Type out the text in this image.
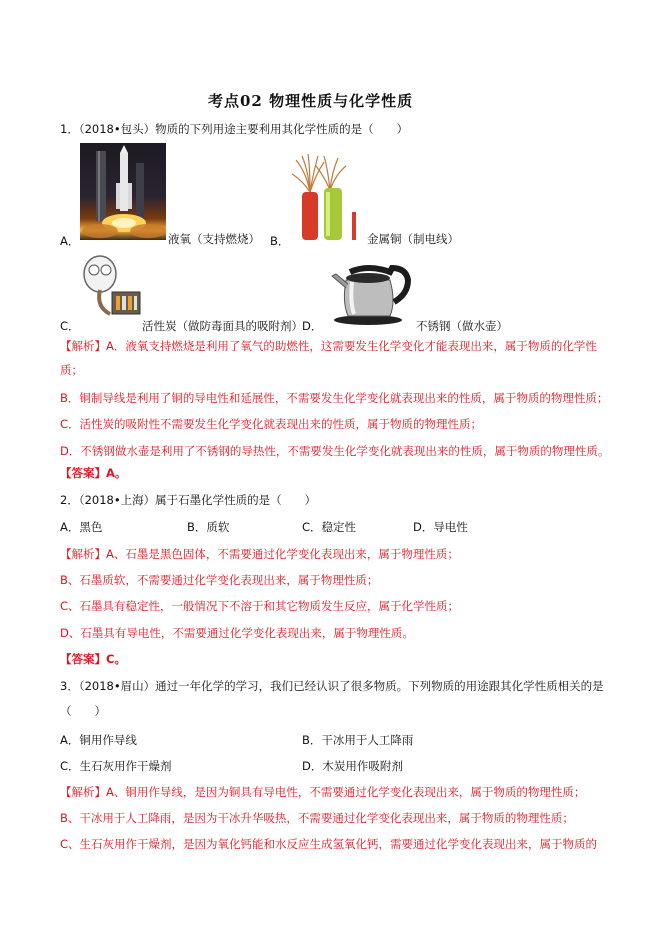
考点02 物理性质与化学性质
1．（2018•包头）物质的下列用途主要利用其化学性质的是（　　）
A．	液氧（支持燃烧） B．	金属铜（制电线）
C．	活性炭（做防毒面具的吸附剂） D．	不锈钢（做水壶）
【解析】A．液氧支持燃烧是利用了氧气的助燃性，这需要发生化学变化才能表现出来，属于物质的化学性
质；
B．铜制导线是利用了铜的导电性和延展性，不需要发生化学变化就表现出来的性质，属于物质的物理性质；
C．活性炭的吸附性不需要发生化学变化就表现出来的性质，属于物质的物理性质；
D．不锈钢做水壶是利用了不锈钢的导热性，不需要发生化学变化就表现出来的性质，属于物质的物理性质。
【答案】A。
2．（2018•上海）属于石墨化学性质的是（　　）
A．黑色	B．质软	C．稳定性	D．导电性
【解析】A、石墨是黑色固体，不需要通过化学变化表现出来，属于物理性质；
B、石墨质软，不需要通过化学变化表现出来，属于物理性质；
C、石墨具有稳定性，一般情况下不溶于和其它物质发生反应，属于化学性质；
D、石墨具有导电性，不需要通过化学变化表现出来，属于物理性质。
【答案】C。
3．（2018•眉山）通过一年化学的学习，我们已经认识了很多物质。下列物质的用途跟其化学性质相关的是
（　　）
A．铜用作导线	B．干冰用于人工降雨
C．生石灰用作干燥剂	D．木炭用作吸附剂
【解析】A、铜用作导线，是因为铜具有导电性，不需要通过化学变化表现出来，属于物质的物理性质；
B、干冰用于人工降雨，是因为干冰升华吸热，不需要通过化学变化表现出来，属于物质的物理性质；
C、生石灰用作干燥剂，是因为氧化钙能和水反应生成氢氧化钙，需要通过化学变化表现出来，属于物质的
